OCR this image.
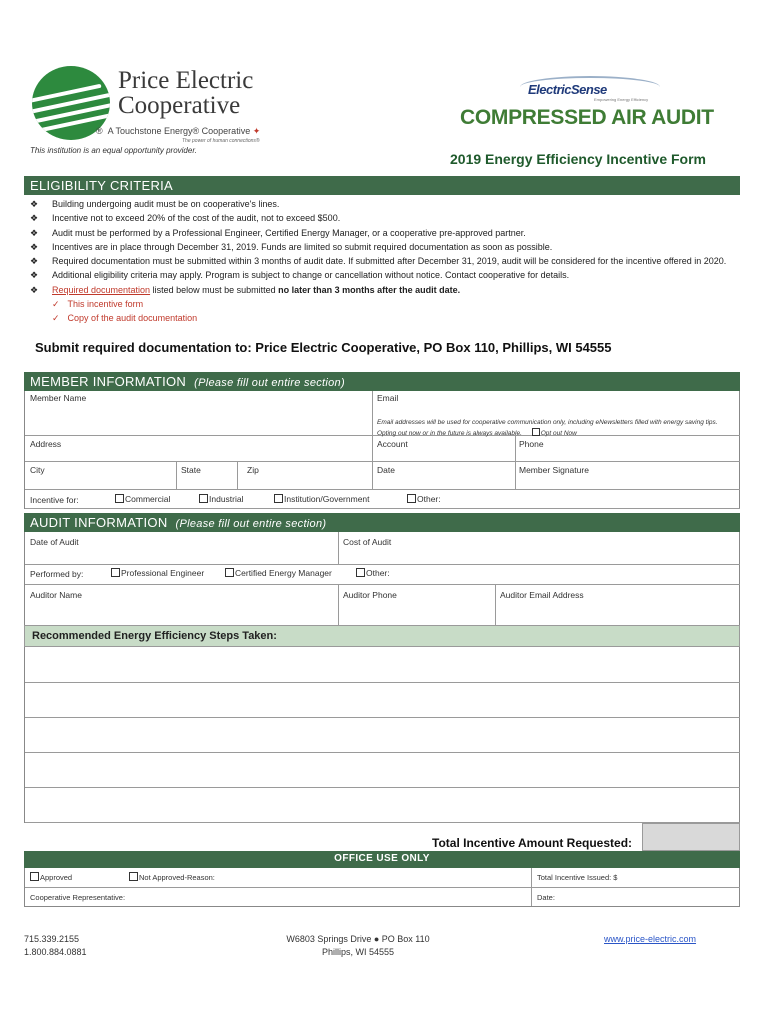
Price Electric
Cooperative
®  A Touchstone Energy® Cooperative ✦
The power of human connections®
This institution is an equal opportunity provider.
ElectricSense
Empowering Energy Efficiency
COMPRESSED AIR AUDIT
2019 Energy Efficiency Incentive Form
ELIGIBILITY CRITERIA
❖	Building undergoing audit must be on cooperative's lines.
❖	Incentive not to exceed 20% of the cost of the audit, not to exceed $500.
❖	Audit must be performed by a Professional Engineer, Certified Energy Manager, or a cooperative pre-approved partner.
❖	Incentives are in place through December 31, 2019. Funds are limited so submit required documentation as soon as possible.
❖	Required documentation must be submitted within 3 months of audit date. If submitted after December 31, 2019, audit will be considered for the incentive offered in 2020.
❖	Additional eligibility criteria may apply. Program is subject to change or cancellation without notice. Contact cooperative for details.
❖	Required documentation listed below must be submitted no later than 3 months after the audit date.
✓ This incentive form
✓ Copy of the audit documentation
Submit required documentation to: Price Electric Cooperative, PO Box 110, Phillips, WI 54555
MEMBER INFORMATION (Please fill out entire section)
Member Name	Email
Email addresses will be used for cooperative communication only, including eNewsletters filled with energy saving tips. Opting out now or in the future is always available.	Opt out Now
Address	Account	Phone
City	State	Zip	Date	Member Signature
Incentive for:	Commercial	Industrial	Institution/Government	Other:
AUDIT INFORMATION (Please fill out entire section)
Date of Audit	Cost of Audit
Performed by:	Professional Engineer	Certified Energy Manager	Other:
Auditor Name	Auditor Phone	Auditor Email Address
Recommended Energy Efficiency Steps Taken:
Total Incentive Amount Requested:
OFFICE USE ONLY
Approved	Not Approved-Reason:	Total Incentive Issued: $
Cooperative Representative:	Date:
715.339.2155
1.800.884.0881
W6803 Springs Drive ● PO Box 110
Phillips, WI 54555
www.price-electric.com
